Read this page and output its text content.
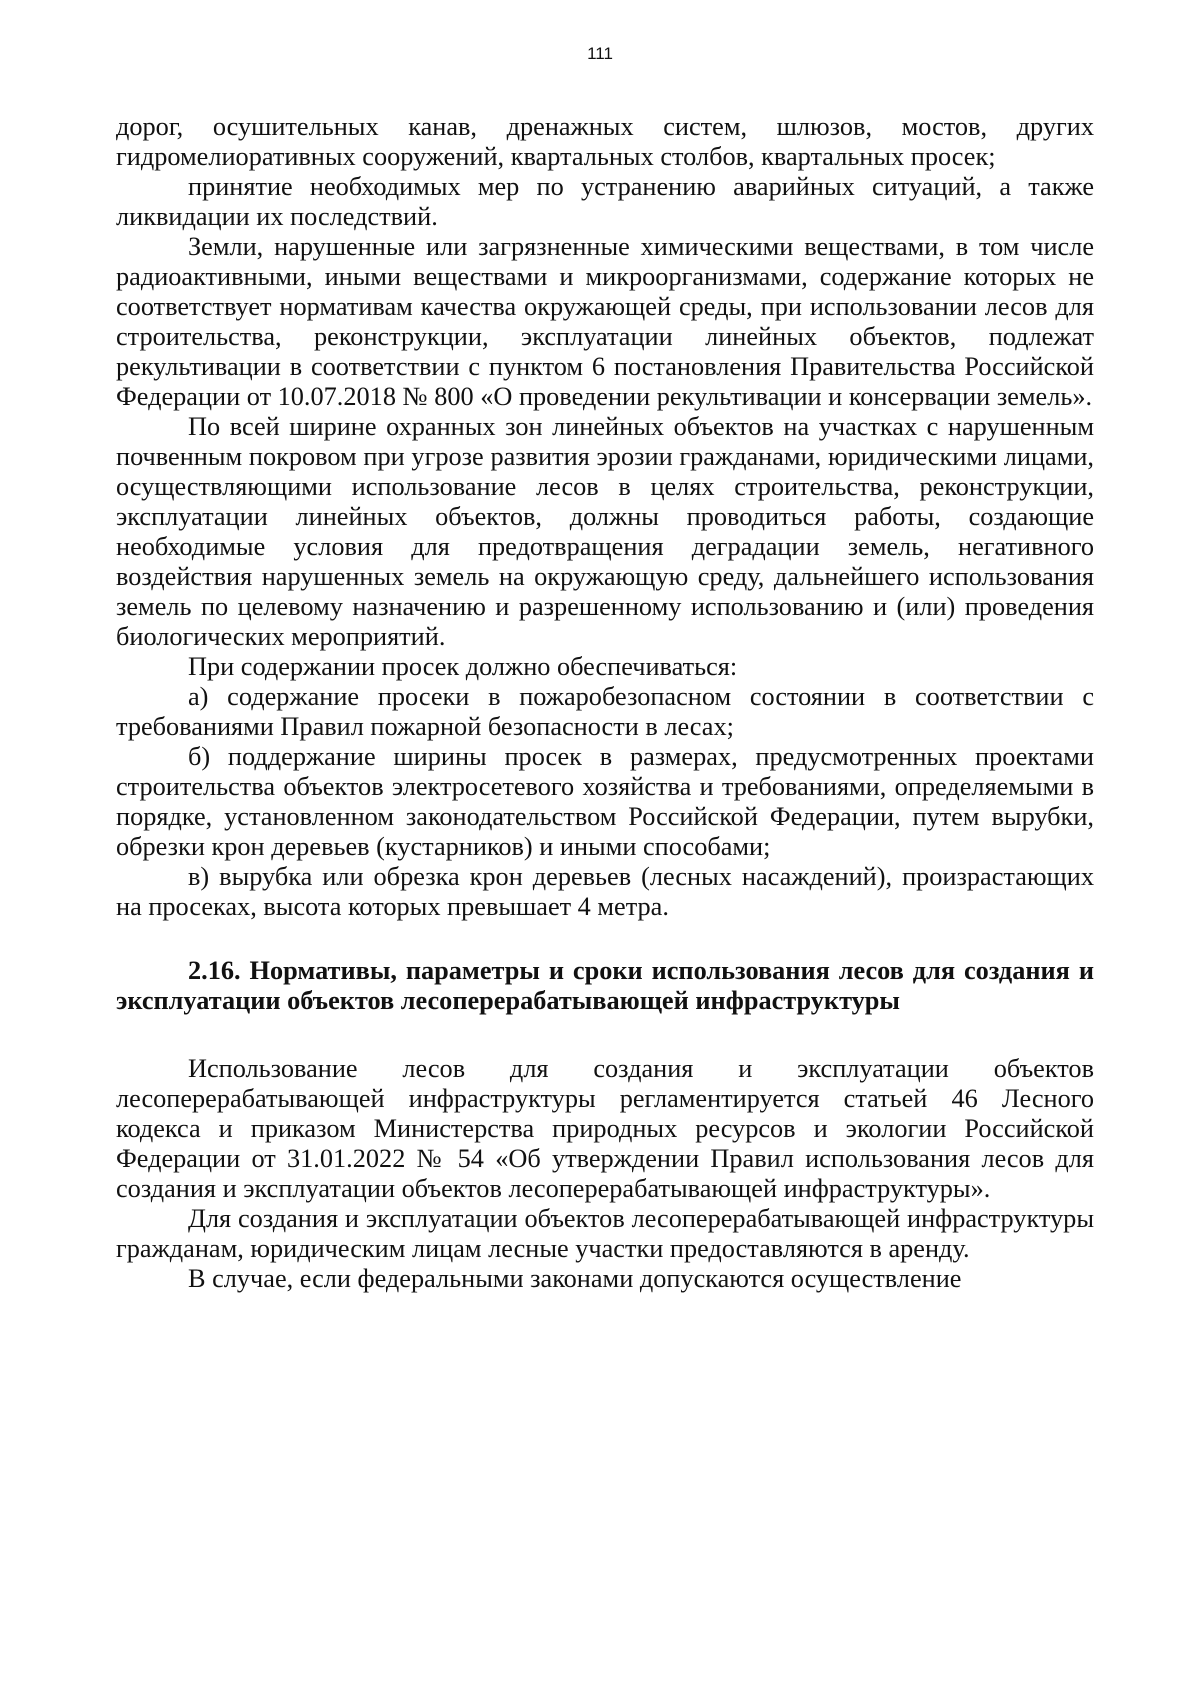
111

дорог, осушительных канав, дренажных систем, шлюзов, мостов, других гидромелиоративных сооружений, квартальных столбов, квартальных просек;

принятие необходимых мер по устранению аварийных ситуаций, а также ликвидации их последствий.

Земли, нарушенные или загрязненные химическими веществами, в том числе радиоактивными, иными веществами и микроорганизмами, содержание которых не соответствует нормативам качества окружающей среды, при использовании лесов для строительства, реконструкции, эксплуатации линейных объектов, подлежат рекультивации в соответствии с пунктом 6 постановления Правительства Российской Федерации от 10.07.2018 № 800 «О проведении рекультивации и консервации земель».

По всей ширине охранных зон линейных объектов на участках с нарушенным почвенным покровом при угрозе развития эрозии гражданами, юридическими лицами, осуществляющими использование лесов в целях строительства, реконструкции, эксплуатации линейных объектов, должны проводиться работы, создающие необходимые условия для предотвращения деградации земель, негативного воздействия нарушенных земель на окружающую среду, дальнейшего использования земель по целевому назначению и разрешенному использованию и (или) проведения биологических мероприятий.

При содержании просек должно обеспечиваться:

а) содержание просеки в пожаробезопасном состоянии в соответствии с требованиями Правил пожарной безопасности в лесах;

б) поддержание ширины просек в размерах, предусмотренных проектами строительства объектов электросетевого хозяйства и требованиями, определяемыми в порядке, установленном законодательством Российской Федерации, путем вырубки, обрезки крон деревьев (кустарников) и иными способами;

в) вырубка или обрезка крон деревьев (лесных насаждений), произрастающих на просеках, высота которых превышает 4 метра.

2.16. Нормативы, параметры и сроки использования лесов для создания и эксплуатации объектов лесоперерабатывающей инфраструктуры

Использование лесов для создания и эксплуатации объектов лесоперерабатывающей инфраструктуры регламентируется статьей 46 Лесного кодекса и приказом Министерства природных ресурсов и экологии Российской Федерации от 31.01.2022 № 54 «Об утверждении Правил использования лесов для создания и эксплуатации объектов лесоперерабатывающей инфраструктуры».

Для создания и эксплуатации объектов лесоперерабатывающей инфраструктуры гражданам, юридическим лицам лесные участки предоставляются в аренду.

В случае, если федеральными законами допускаются осуществление
